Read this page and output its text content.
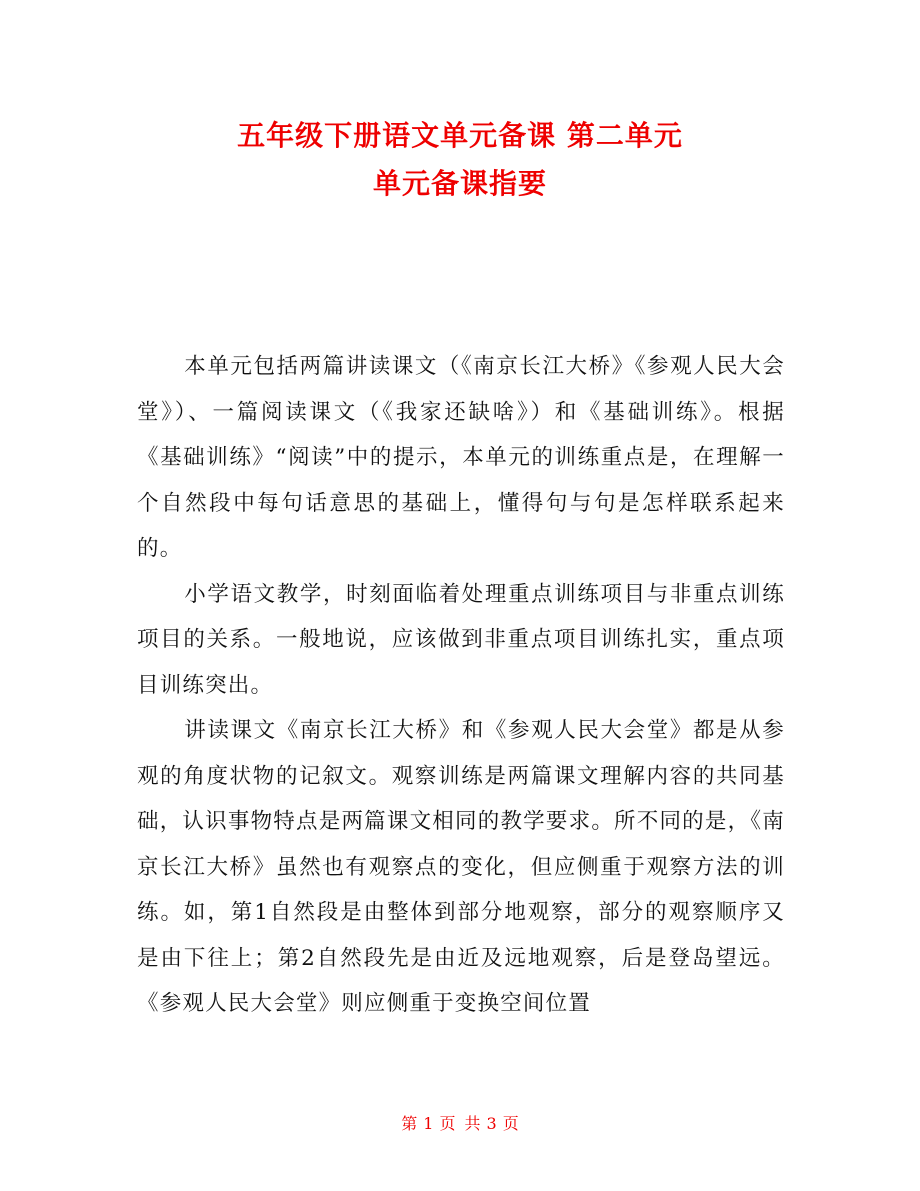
五年级下册语文单元备课 第二单元
单元备课指要

本单元包括两篇讲读课文（《南京长江大桥》《参观人民大会堂》）、一篇阅读课文（《我家还缺啥》）和《基础训练》。根据《基础训练》“阅读”中的提示，本单元的训练重点是，在理解一个自然段中每句话意思的基础上，懂得句与句是怎样联系起来的。

小学语文教学，时刻面临着处理重点训练项目与非重点训练项目的关系。一般地说，应该做到非重点项目训练扎实，重点项目训练突出。

讲读课文《南京长江大桥》和《参观人民大会堂》都是从参观的角度状物的记叙文。观察训练是两篇课文理解内容的共同基础，认识事物特点是两篇课文相同的教学要求。所不同的是，《南京长江大桥》虽然也有观察点的变化，但应侧重于观察方法的训练。如，第1自然段是由整体到部分地观察，部分的观察顺序又是由下往上；第2自然段先是由近及远地观察，后是登岛望远。《参观人民大会堂》则应侧重于变换空间位置

第 1 页 共 3 页
